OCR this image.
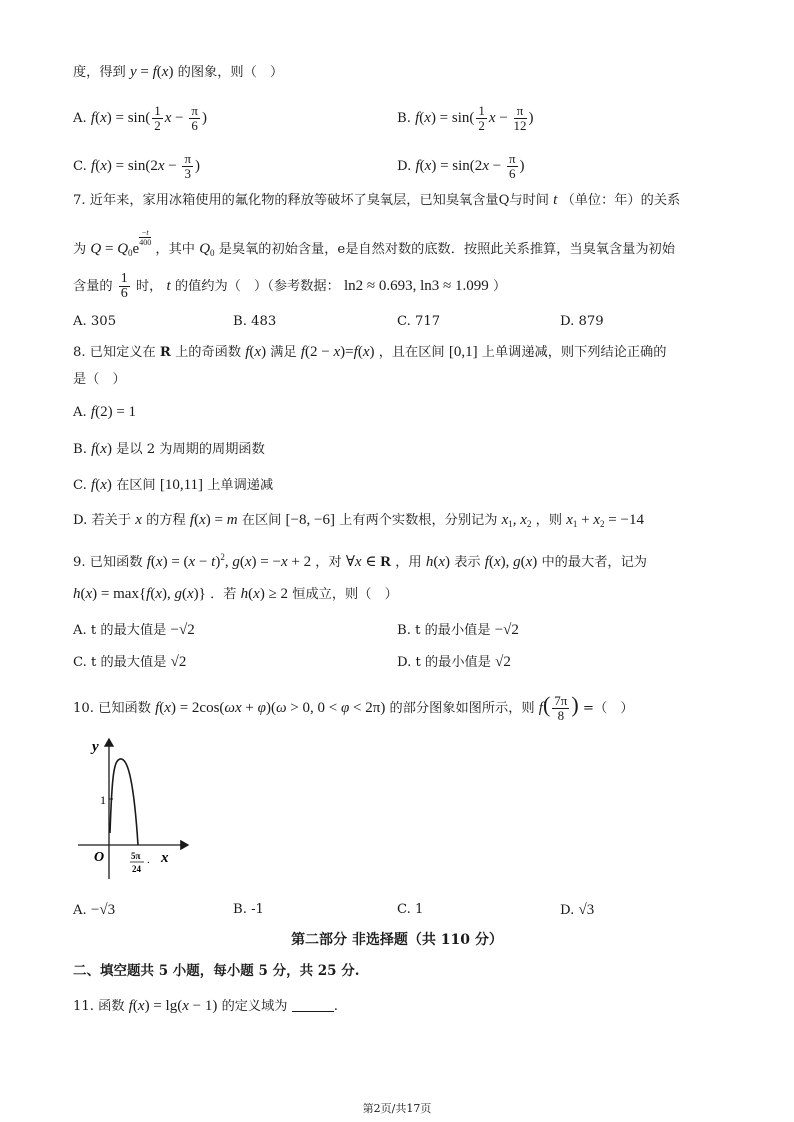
度，得到 y = f(x) 的图象，则（　）
A. $f(x) = \sin( \frac{1}{2}$ $x - \frac{\pi}{6}$ )	B. $f(x) = \sin( \frac{1}{2}$ $x - \frac{\pi}{12}$ )
C. $f(x) = \sin(2x - \frac{\pi}{3}$ )	D. $f(x) = \sin(2x - \frac{\pi}{6}$ )
7. 近年来，家用冰箱使用的氟化物的释放等破坏了臭氧层，已知臭氧含量Q与时间 t （单位：年）的关系
为 $Q = Q_0e$
$\frac{-t}{400}$
，其中 $Q_0$ 是臭氧的初始含量，e是自然对数的底数．按照此关系推算，当臭氧含量为初始
含量的 $\frac{1}{6}$ 时， t 的值约为（　）（参考数据： ln2 ≈ 0.693, ln3 ≈ 1.099 ）
A. 305	B. 483	C. 717	D. 879
8. 已知定义在 R 上的奇函数 f(x) 满足 f(2 − x)=f(x) ，且在区间 [0,1] 上单调递减，则下列结论正确的
是（　）
A. f(2) = 1
B. f(x) 是以 2 为周期的周期函数
C. f(x) 在区间 [10,11] 上单调递减
D. 若关于 x 的方程 f(x) = m 在区间 [−8, −6] 上有两个实数根，分别记为 $x_1$, $x_2$ ，则 $x_1 + x_2 = -14$
9. 已知函数 $f(x) = (x - t)^2$, g(x) = −x + 2 ，对 ∀x ∈ R ，用 h(x) 表示 f(x), g(x) 中的最大者，记为
h(x) = max{f(x), g(x)} ．若 h(x) ≥ 2 恒成立，则（　）
A. t 的最大值是 −√2	B. t 的最小值是 −√2
C. t 的最大值是 √2	D. t 的最小值是 √2
10. 已知函数 f(x) = 2cos(ωx + φ)(ω > 0, 0 < φ < 2π) 的部分图象如图所示，则 $f( \frac{7\pi}{8}$ ) =（　）
y
x
O
1
5π
24
.
A. −√3	B. -1	C. 1	D. √3
第二部分 非选择题（共 110 分）
二、填空题共 5 小题，每小题 5 分，共 25 分.
11. 函数 f(x) = lg(x − 1) 的定义域为	.
第2页/共17页
